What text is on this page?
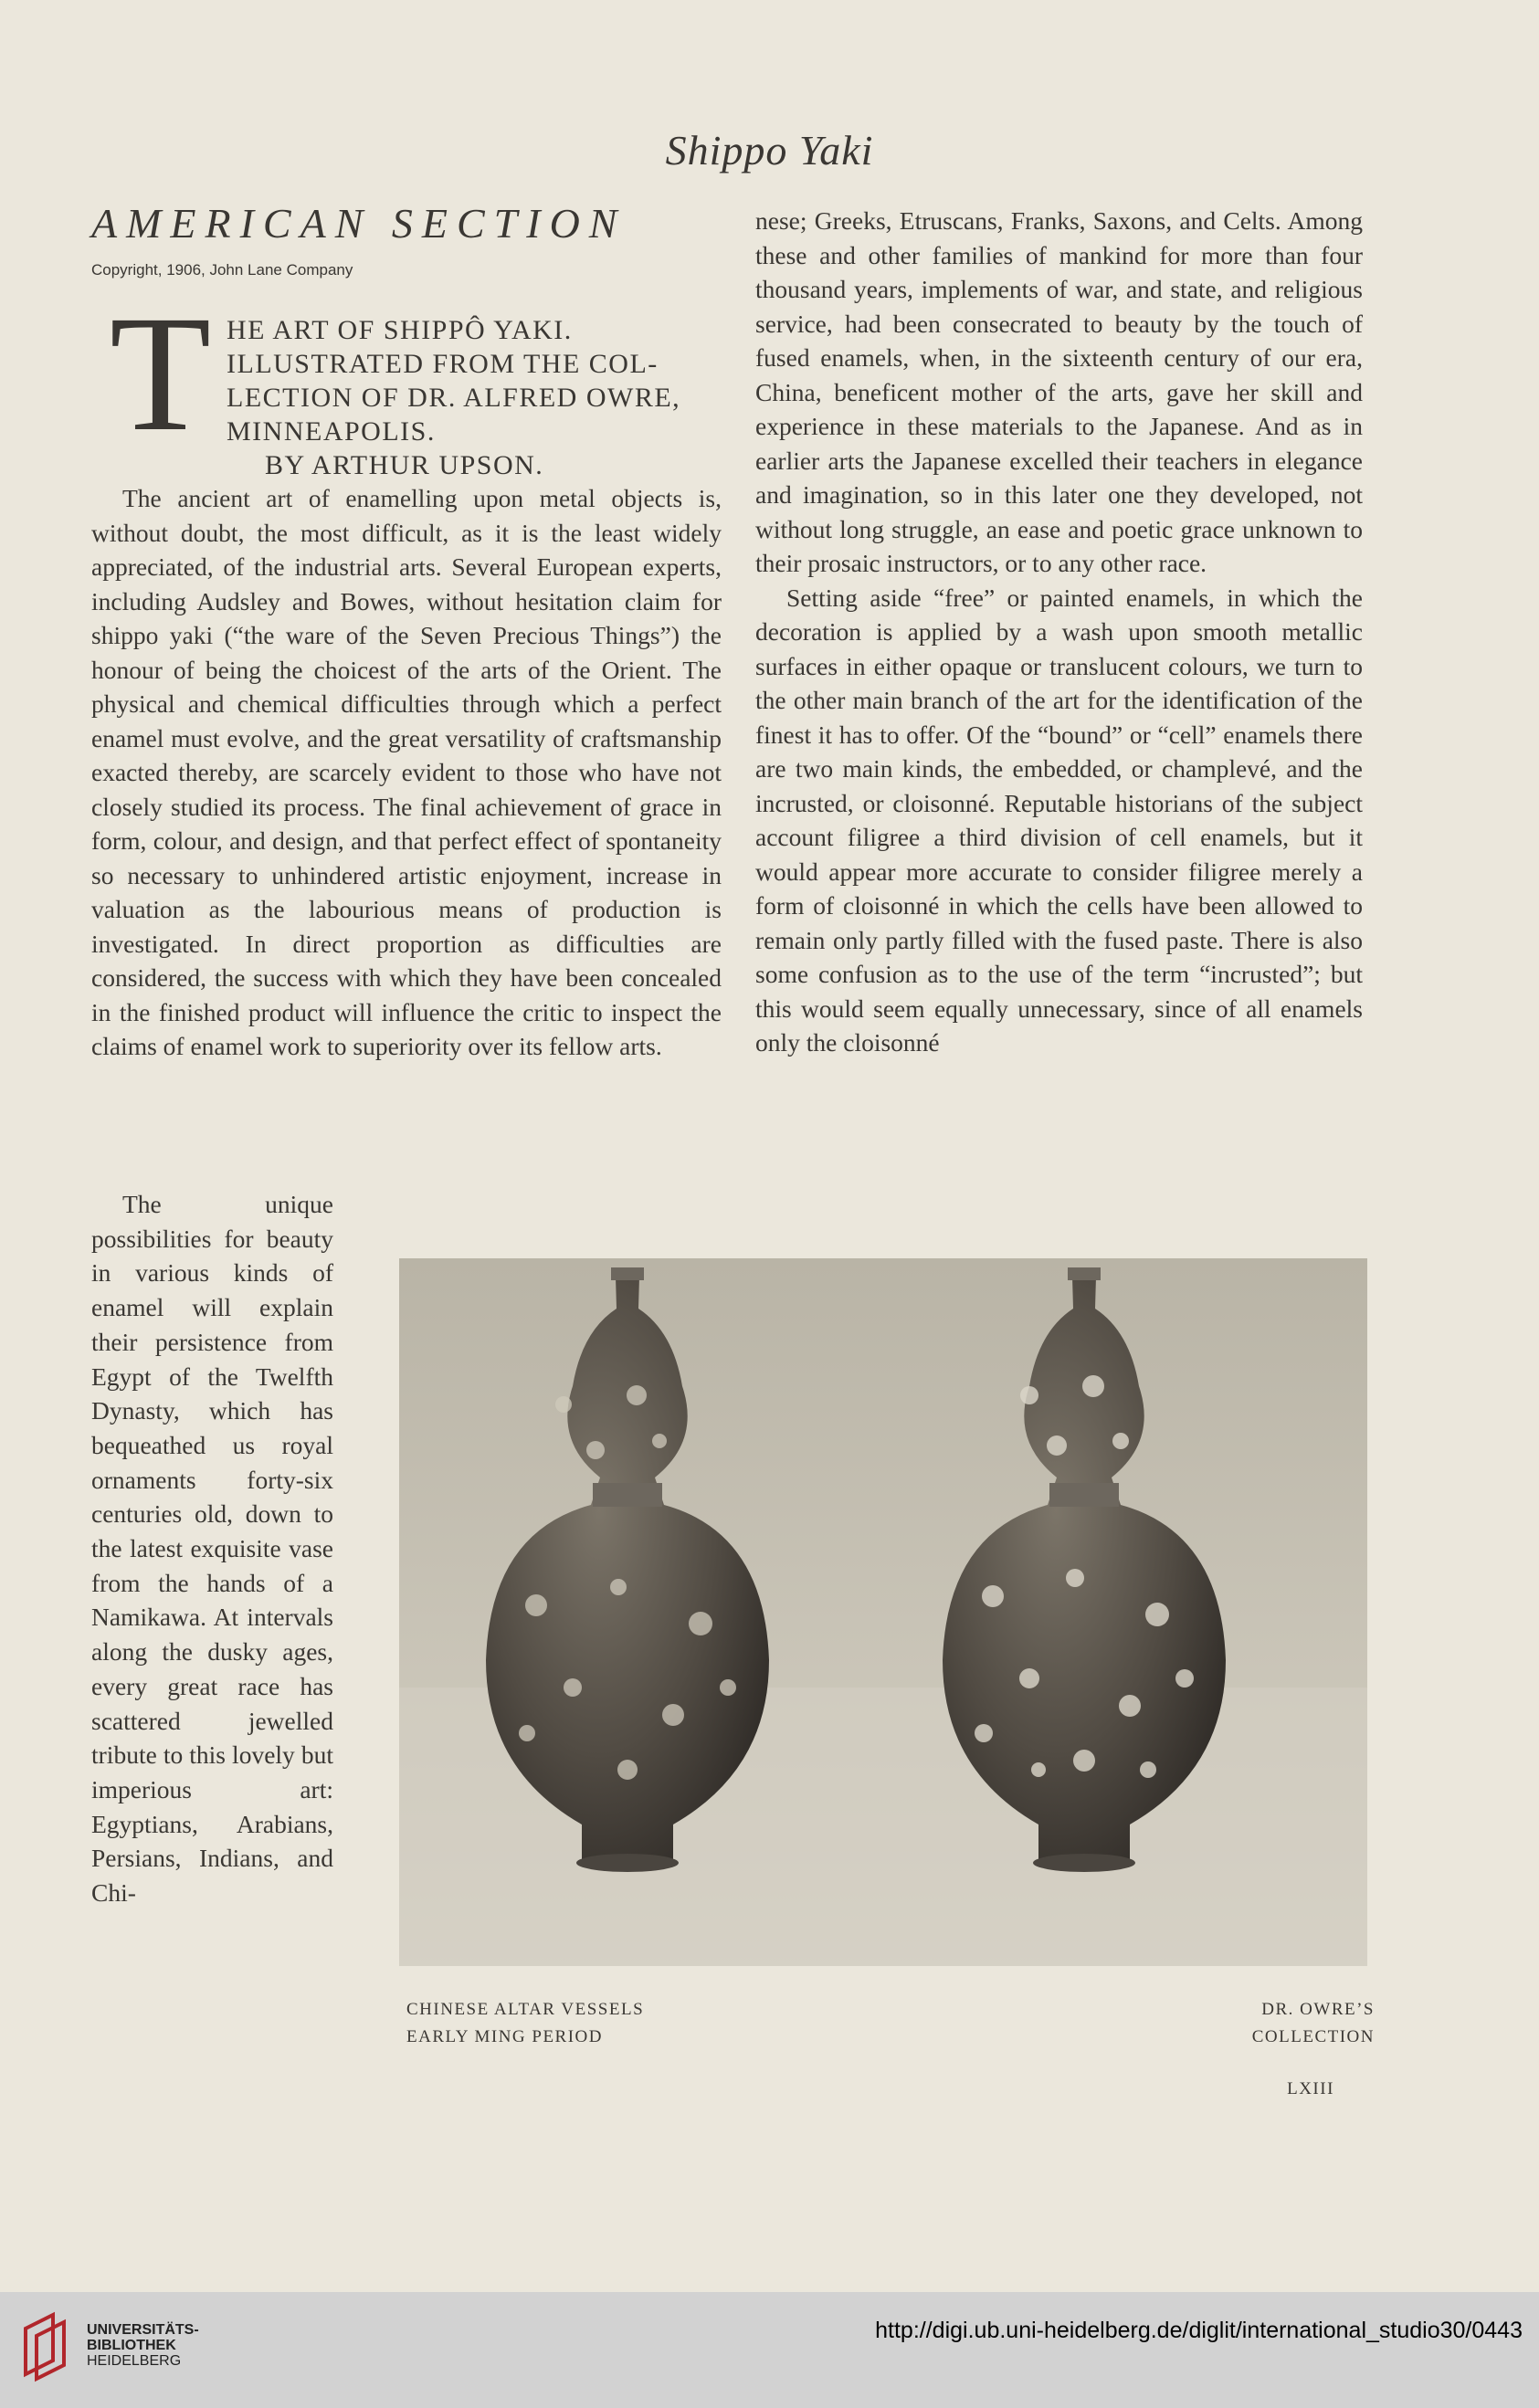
Shippo Yaki
AMERICAN SECTION
Copyright, 1906, John Lane Company
T HE ART OF SHIPPÔ YAKI.
ILLUSTRATED FROM THE COL-
LECTION OF DR. ALFRED OWRE,
MINNEAPOLIS.
BY ARTHUR UPSON.

The ancient art of enamelling upon metal objects is, without doubt, the most difficult, as it is the least widely appreciated, of the industrial arts. Several European experts, including Audsley and Bowes, without hesitation claim for shippo yaki (“the ware of the Seven Precious Things”) the honour of being the choicest of the arts of the Orient. The physical and chemical difficulties through which a perfect enamel must evolve, and the great versatility of craftsmanship exacted thereby, are scarcely evident to those who have not closely studied its process. The final achievement of grace in form, colour, and design, and that perfect effect of spontaneity so necessary to unhindered artistic enjoyment, increase in valuation as the labourious means of production is investigated. In direct proportion as difficulties are considered, the success with which they have been concealed in the finished product will influence the critic to inspect the claims of enamel work to superiority over its fellow arts.

The unique possibilities for beauty in various kinds of enamel will explain their persistence from Egypt of the Twelfth Dynasty, which has bequeathed us royal ornaments forty-six centuries old, down to the latest exquisite vase from the hands of a Namikawa. At intervals along the dusky ages, every great race has scattered jewelled tribute to this lovely but imperious art: Egyptians, Arabians, Persians, Indians, and Chi-

nese; Greeks, Etruscans, Franks, Saxons, and Celts. Among these and other families of mankind for more than four thousand years, implements of war, and state, and religious service, had been consecrated to beauty by the touch of fused enamels, when, in the sixteenth century of our era, China, beneficent mother of the arts, gave her skill and experience in these materials to the Japanese. And as in earlier arts the Japanese excelled their teachers in elegance and imagination, so in this later one they developed, not without long struggle, an ease and poetic grace unknown to their prosaic instructors, or to any other race.

Setting aside “free” or painted enamels, in which the decoration is applied by a wash upon smooth metallic surfaces in either opaque or translucent colours, we turn to the other main branch of the art for the identification of the finest it has to offer. Of the “bound” or “cell” enamels there are two main kinds, the embedded, or champlevé, and the incrusted, or cloisonné. Reputable historians of the subject account filigree a third division of cell enamels, but it would appear more accurate to consider filigree merely a form of cloisonné in which the cells have been allowed to remain only partly filled with the fused paste. There is also some confusion as to the use of the term “incrusted”; but this would seem equally unnecessary, since of all enamels only the cloisonné

CHINESE ALTAR VESSELS
EARLY MING PERIOD
DR. OWRE’S
COLLECTION
LXIII
UNIVERSITÄTS-
BIBLIOTHEK
HEIDELBERG
http://digi.ub.uni-heidelberg.de/diglit/international_studio30/0443
